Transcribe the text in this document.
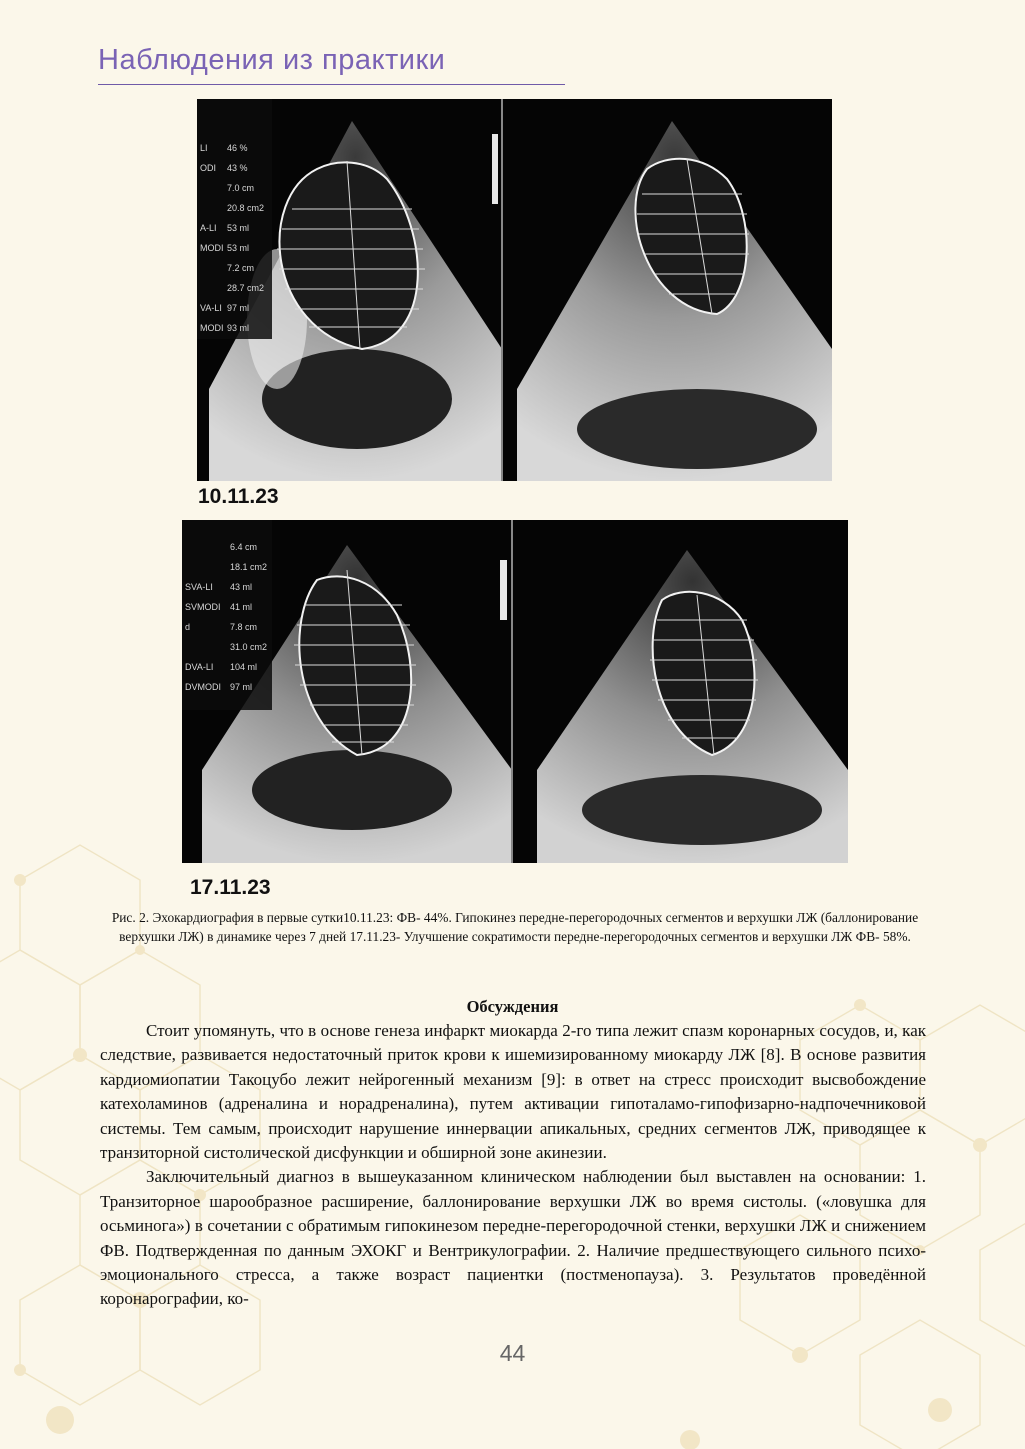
Наблюдения из практики
LI 46 %
ODI 43 %
7.0 cm
20.8 cm2
A-LI 53 ml
MODI 53 ml
7.2 cm
28.7 cm2
VA-LI 97 ml
MODI 93 ml
10.11.23
6.4 cm
18.1 cm2
SVA-LI 43 ml
SVMODI 41 ml
d	7.8 cm
31.0 cm2
DVA-LI 104 ml
DVMODI 97 ml
17.11.23
Рис. 2. Эхокардиография в первые сутки10.11.23: ФВ- 44%. Гипокинез передне-перегородочных сегментов и верхушки ЛЖ (баллонирование верхушки ЛЖ) в динамике через 7 дней 17.11.23- Улучшение сократимости передне-перегородочных сегментов и верхушки ЛЖ ФВ- 58%.
Обсуждения

Стоит упомянуть, что в основе генеза инфаркт миокарда 2-го типа лежит спазм коронарных сосудов, и, как следствие, развивается недостаточный приток крови к ишемизированному миокарду ЛЖ [8]. В основе развития кардиомиопатии Такоцубо лежит нейрогенный механизм [9]: в ответ на стресс происходит высвобождение катехоламинов (адреналина и норадреналина), путем активации гипоталамо-гипофизарно-надпочечниковой системы. Тем самым, происходит нарушение иннервации апикальных, средних сегментов ЛЖ, приводящее к транзиторной систолической дисфункции и обширной зоне акинезии.

Заключительный диагноз в вышеуказанном клиническом наблюдении был выставлен на основании: 1. Транзиторное шарообразное расширение, баллонирование верхушки ЛЖ во время систолы. («ловушка для осьминога») в сочетании с обратимым гипокинезом передне-перегородочной стенки, верхушки ЛЖ и снижением ФВ. Подтвержденная по данным ЭХОКГ и Вентрикулографии. 2. Наличие предшествующего сильного психо-эмоционального стресса, а также возраст пациентки (постменопауза). 3. Результатов проведённой коронарографии, ко-

44
